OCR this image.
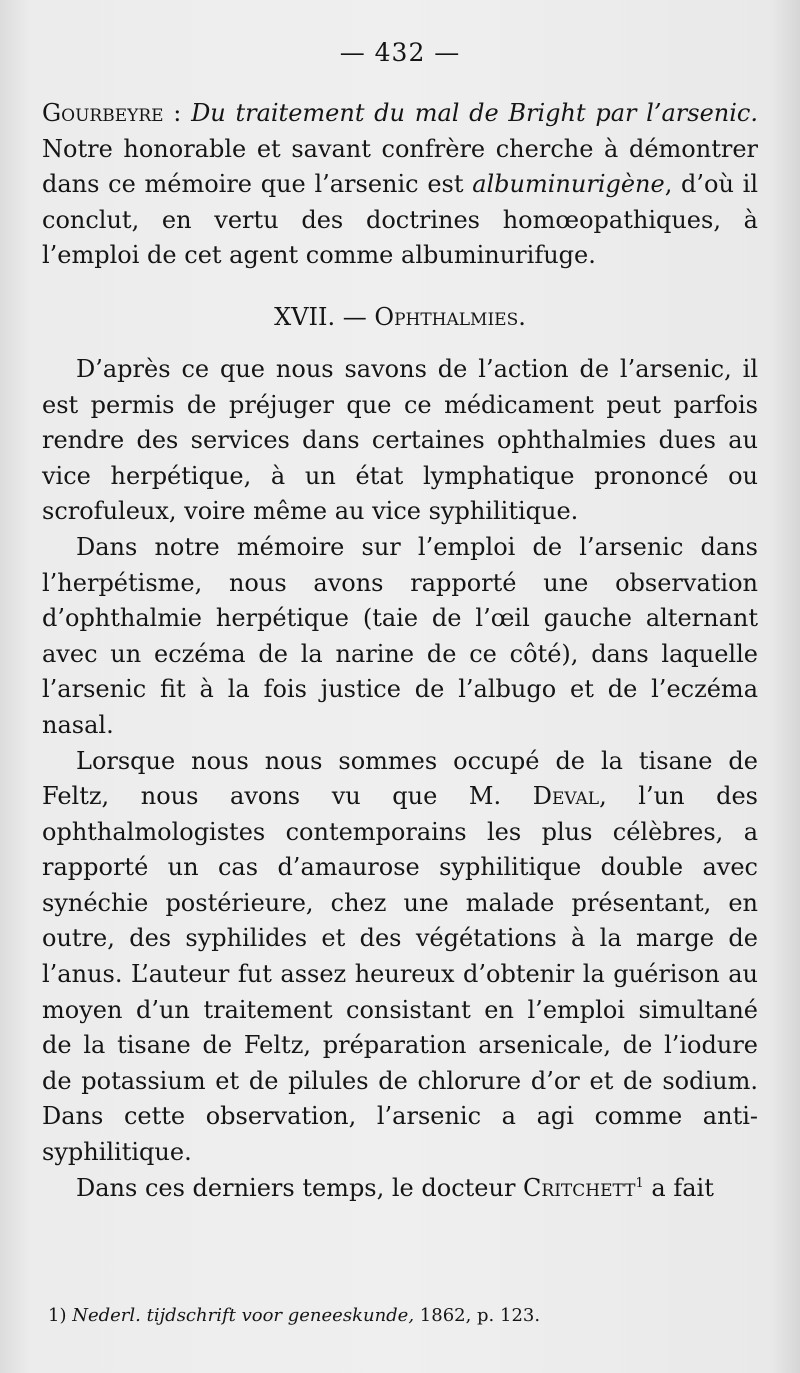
— 432 —

Gourbeyre : Du traitement du mal de Bright par l’arsenic. Notre honorable et savant confrère cherche à démontrer dans ce mémoire que l’arsenic est albuminurigène, d’où il conclut, en vertu des doctrines homœopathiques, à l’emploi de cet agent comme albuminurifuge.

XVII. — Ophthalmies.

D’après ce que nous savons de l’action de l’arsenic, il est permis de préjuger que ce médicament peut parfois rendre des services dans certaines ophthalmies dues au vice herpétique, à un état lymphatique prononcé ou scrofuleux, voire même au vice syphilitique.

Dans notre mémoire sur l’emploi de l’arsenic dans l’herpétisme, nous avons rapporté une observation d’ophthalmie herpétique (taie de l’œil gauche alternant avec un eczéma de la narine de ce côté), dans laquelle l’arsenic fit à la fois justice de l’albugo et de l’eczéma nasal.

Lorsque nous nous sommes occupé de la tisane de Feltz, nous avons vu que M. Deval, l’un des ophthalmologistes contemporains les plus célèbres, a rapporté un cas d’amaurose syphilitique double avec synéchie postérieure, chez une malade présentant, en outre, des syphilides et des végétations à la marge de l’anus. L’auteur fut assez heureux d’obtenir la guérison au moyen d’un traitement consistant en l’emploi simultané de la tisane de Feltz, préparation arsenicale, de l’iodure de potassium et de pilules de chlorure d’or et de sodium. Dans cette observation, l’arsenic a agi comme anti-syphilitique.

Dans ces derniers temps, le docteur Critchett$^1$ a fait

1) Nederl. tijdschrift voor geneeskunde, 1862, p. 123.
